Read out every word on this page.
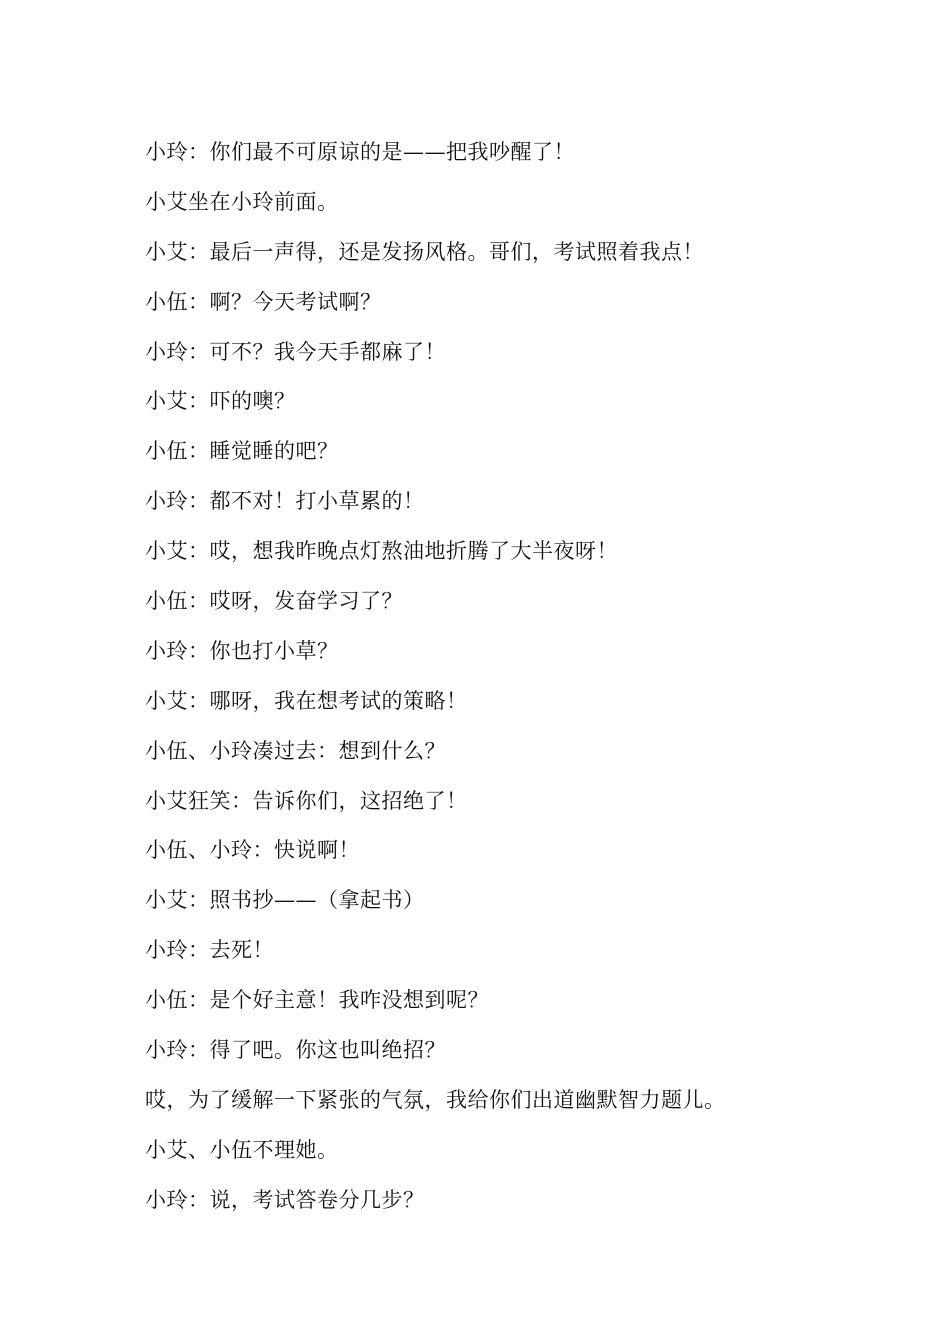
小玲：你们最不可原谅的是——把我吵醒了！
小艾坐在小玲前面。
小艾：最后一声得，还是发扬风格。哥们，考试照着我点！
小伍：啊？今天考试啊？
小玲：可不？我今天手都麻了！
小艾：吓的噢？
小伍：睡觉睡的吧？
小玲：都不对！打小草累的！
小艾：哎，想我昨晚点灯熬油地折腾了大半夜呀！
小伍：哎呀，发奋学习了？
小玲：你也打小草？
小艾：哪呀，我在想考试的策略！
小伍、小玲凑过去：想到什么？
小艾狂笑：告诉你们，这招绝了！
小伍、小玲：快说啊！
小艾：照书抄——（拿起书）
小玲：去死！
小伍：是个好主意！我咋没想到呢？
小玲：得了吧。你这也叫绝招？
哎，为了缓解一下紧张的气氛，我给你们出道幽默智力题儿。
小艾、小伍不理她。
小玲：说，考试答卷分几步？
